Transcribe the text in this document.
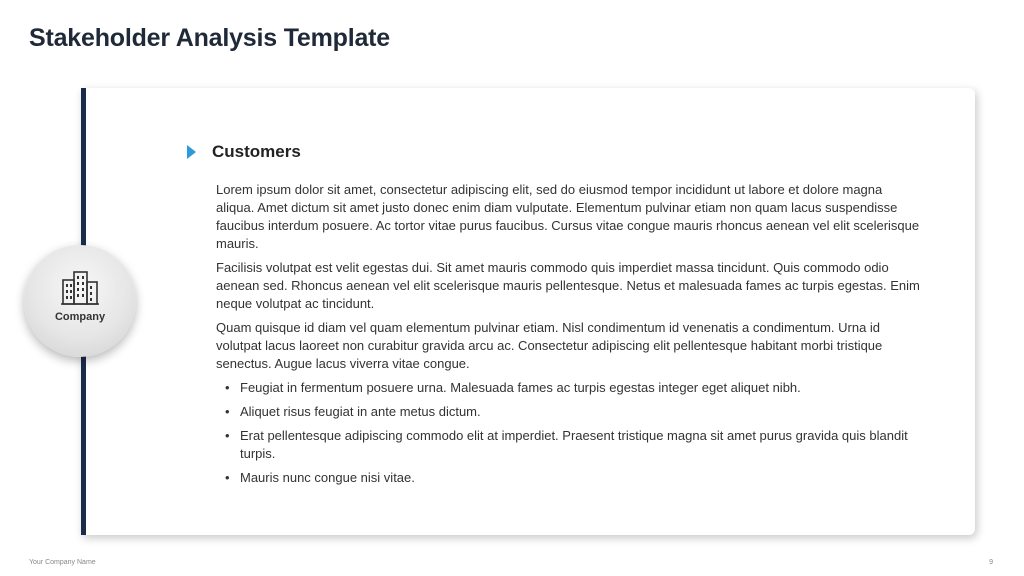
Stakeholder Analysis Template
Company
Customers

Lorem ipsum dolor sit amet, consectetur adipiscing elit, sed do eiusmod tempor incididunt ut labore et dolore magna aliqua. Amet dictum sit amet justo donec enim diam vulputate. Elementum pulvinar etiam non quam lacus suspendisse faucibus interdum posuere. Ac tortor vitae purus faucibus. Cursus vitae congue mauris rhoncus aenean vel elit scelerisque mauris.

Facilisis volutpat est velit egestas dui. Sit amet mauris commodo quis imperdiet massa tincidunt. Quis commodo odio aenean sed. Rhoncus aenean vel elit scelerisque mauris pellentesque. Netus et malesuada fames ac turpis egestas. Enim neque volutpat ac tincidunt.

Quam quisque id diam vel quam elementum pulvinar etiam. Nisl condimentum id venenatis a condimentum. Urna id volutpat lacus laoreet non curabitur gravida arcu ac. Consectetur adipiscing elit pellentesque habitant morbi tristique senectus. Augue lacus viverra vitae congue.

• Feugiat in fermentum posuere urna. Malesuada fames ac turpis egestas integer eget aliquet nibh.
• Aliquet risus feugiat in ante metus dictum.
• Erat pellentesque adipiscing commodo elit at imperdiet. Praesent tristique magna sit amet purus gravida quis blandit turpis.
• Mauris nunc congue nisi vitae.
Your Company Name	9
